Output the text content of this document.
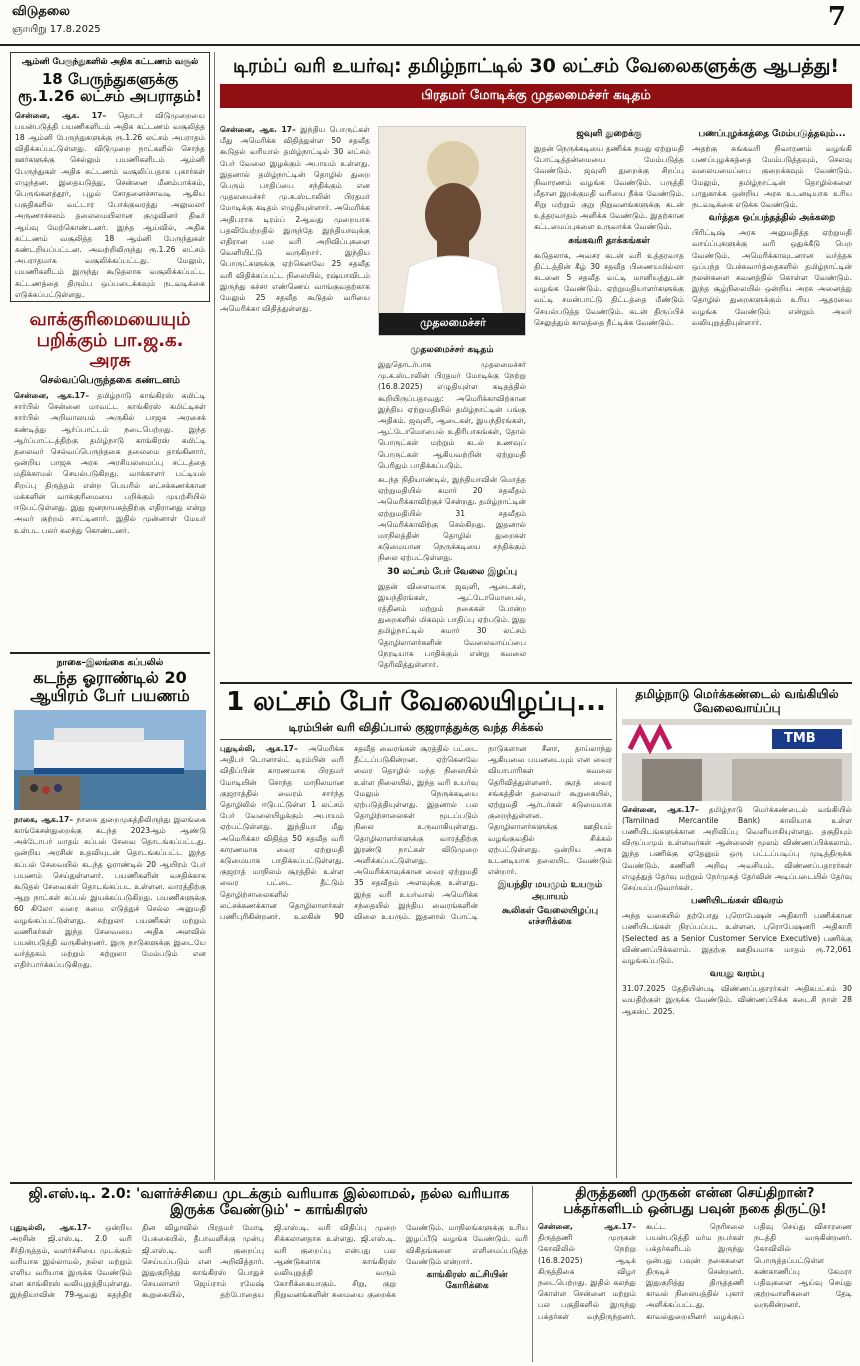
விடுதலை
ஞாயிறு 17.8.2025	7
ஆம்னி பேருந்துகளில் அதிக கட்டணம் வசூல்
18 பேருந்துகளுக்கு ரூ.1.26 லட்சம் அபராதம்!
சென்னை, ஆக. 17– தொடர் விடுமுறையை பயன்படுத்தி பயணிகளிடம் அதிக கட்டணம் வசூலித்த 18 ஆம்னி பேருந்துகளுக்கு ரூ.1.26 லட்சம் அபராதம் விதிக்கப்பட்டுள்ளது. விடுமுறை நாட்களில் சொந்த ஊர்களுக்கு செல்லும் பயணிகளிடம் ஆம்னி பேருந்துகள் அதிக கட்டணம் வசூலிப்பதாக புகார்கள் எழுந்தன. இதையடுத்து, சென்னை மீனம்பாக்கம், பெருங்களத்தூர், புழல் சோதனைச்சாவடி ஆகிய பகுதிகளில் வட்டார போக்குவரத்து அலுவலர் அருணாச்சலம் தலைமையிலான குழுவினர் திடீர் ஆய்வு மேற்கொண்டனர். இந்த ஆய்வில், அதிக கட்டணம் வசூலித்த 18 ஆம்னி பேருந்துகள் கண்டறியப்பட்டன. அவற்றிலிருந்து ரூ.1.26 லட்சம் அபராதமாக வசூலிக்கப்பட்டது. மேலும், பயணிகளிடம் இருந்து கூடுதலாக வசூலிக்கப்பட்ட கட்டணத்தை திரும்ப ஒப்படைக்கவும் நடவடிக்கை எடுக்கப்பட்டுள்ளது.
வாக்குரிமையையும் பறிக்கும் பா.ஜ.க. அரசு
செல்வப்பெருந்தகை கண்டனம்
சென்னை, ஆக.17– தமிழ்நாடு காங்கிரஸ் கமிட்டி சார்பில் சென்னை மாவட்ட காங்கிரஸ் கமிட்டிகள் சார்பில் அறிவாலயம் அருகில் பாஜக அரசைக் கண்டித்து ஆர்ப்பாட்டம் நடைபெற்றது. இந்த ஆர்ப்பாட்டத்திற்கு தமிழ்நாடு காங்கிரஸ் கமிட்டி தலைவர் செல்வப்பெருந்தகை தலைமை தாங்கினார். ஒன்றிய பாஜக அரசு அரசியலமைப்பு சட்டத்தை மதிக்காமல் செயல்படுகிறது. வாக்காளர் பட்டியல் சிறப்பு திருத்தம் என்ற பெயரில் லட்சக்கணக்கான மக்களின் வாக்குரிமையை பறிக்கும் முயற்சியில் ஈடுபட்டுள்ளது. இது ஜனநாயகத்திற்கு எதிரானது என்று அவர் குற்றம் சாட்டினார். இதில் முன்னாள் மேயர் உள்பட பலர் கலந்து கொண்டனர்.
நாகை–இலங்கை கப்பலில்
கடந்த ஓராண்டில் 20 ஆயிரம் பேர் பயணம்
நாகை, ஆக.17– நாகை துறைமுகத்திலிருந்து இலங்கை காங்கேசன்துறைக்கு கடந்த 2023ஆம் ஆண்டு அக்டோபர் மாதம் கப்பல் சேவை தொடங்கப்பட்டது. ஒன்றிய அரசின் உதவியுடன் தொடங்கப்பட்ட இந்த கப்பல் சேவையில் கடந்த ஓராண்டில் 20 ஆயிரம் பேர் பயணம் செய்துள்ளனர். பயணிகளின் வசதிக்காக கூடுதல் சேவைகள் தொடங்கப்பட உள்ளன. வாரத்திற்கு ஆறு நாட்கள் கப்பல் இயக்கப்படுகிறது. பயணிகளுக்கு 60 கிலோ வரை சுமை எடுத்துச் செல்ல அனுமதி வழங்கப்பட்டுள்ளது. சுற்றுலா பயணிகள் மற்றும் வணிகர்கள் இந்த சேவையை அதிக அளவில் பயன்படுத்தி வருகின்றனர். இரு நாடுகளுக்கு இடையே வர்த்தகம் மற்றும் சுற்றுலா மேம்படும் என எதிர்பார்க்கப்படுகிறது.
டிரம்ப் வரி உயர்வு: தமிழ்நாட்டில் 30 லட்சம் வேலைகளுக்கு ஆபத்து!
பிரதமர் மோடிக்கு முதலமைச்சர் கடிதம்
சென்னை, ஆக. 17– இந்திய பொருட்கள் மீது அமெரிக்க விதித்துள்ள 50 சதவீத கூடுதல் வரியால் தமிழ்நாட்டில் 30 லட்சம் பேர் வேலை இழக்கும் அபாயம் உள்ளது. இதனால் தமிழ்நாட்டின் தொழில் துறை பெரும் பாதிப்பை சந்திக்கும் என முதலமைச்சர் மு.க.ஸ்டாலின் பிரதமர் மோடிக்கு கடிதம் எழுதியுள்ளார். அமெரிக்க அதிபராக டிரம்ப் 2ஆவது முறையாக பதவியேற்றதில் இருந்தே இந்தியாவுக்கு எதிரான பல வரி அறிவிப்புகளை வெளியிட்டு வருகிறார். இந்திய பொருட்களுக்கு ஏற்கெனவே 25 சதவீத வரி விதிக்கப்பட்ட நிலையில், ரஷ்யாவிடம் இருந்து கச்சா எண்ணெய் வாங்குவதற்காக மேலும் 25 சதவீத கூடுதல் வரியை அமெரிக்கா விதித்துள்ளது.
முதலமைச்சர்
முதலமைச்சர் கடிதம்
இதுதொடர்பாக முதலமைச்சர் மு.க.ஸ்டாலின் பிரதமர் மோடிக்கு நேற்று (16.8.2025) எழுதியுள்ள கடிதத்தில் கூறியிருப்பதாவது: அமெரிக்காவிற்கான இந்திய ஏற்றுமதியில் தமிழ்நாட்டின் பங்கு அதிகம். ஜவுளி, ஆடைகள், இயந்திரங்கள், ஆட்டோமொபைல் உதிரிபாகங்கள், தோல் பொருட்கள் மற்றும் கடல் உணவுப் பொருட்கள் ஆகியவற்றின் ஏற்றுமதி பெரிதும் பாதிக்கப்படும்.
கடந்த நிதியாண்டில், இந்தியாவின் மொத்த ஏற்றுமதியில் சுமார் 20 சதவீதம் அமெரிக்காவிற்குச் சென்றது. தமிழ்நாட்டின் ஏற்றுமதியில் 31 சதவீதம் அமெரிக்காவிற்கு செல்கிறது. இதனால் மாநிலத்தின் தொழில் துறைகள் கடுமையான நெருக்கடியை சந்திக்கும் நிலை ஏற்பட்டுள்ளது.
30 லட்சம் பேர் வேலை இழப்பு
இதன் விளைவாக ஜவுளி, ஆடைகள், இயந்திரங்கள், ஆட்டோமொபைல், ரத்தினம் மற்றும் நகைகள் போன்ற துறைகளில் மிகவும் பாதிப்பு ஏற்படும். இது தமிழ்நாட்டில் சுமார் 30 லட்சம் தொழிலாளர்களின் வேலைவாய்ப்பை நேரடியாக பாதிக்கும் என்று கவலை தெரிவித்துள்ளார்.
ஜவுளி துறைக்கு
இதன் நெருக்கடியை தணிக்க நமது ஏற்றுமதி போட்டித்தன்மையை மேம்படுத்த வேண்டும். ஜவுளி துறைக்கு சிறப்பு நிவாரணம் வழங்க வேண்டும். பருத்தி மீதான இறக்குமதி வரியை நீக்க வேண்டும். சிறு மற்றும் குறு நிறுவனங்களுக்கு கடன் உத்தரவாதம் அளிக்க வேண்டும். இதற்கான கட்டமைப்புகளை உருவாக்க வேண்டும்.
சுங்கவரி தாக்கங்கள்
கூடுதலாக, அவசர கடன் வரி உத்தரவாத திட்டத்தின் கீழ் 30 சதவீத பிணையமில்லா கடனை 5 சதவீத வட்டி மானியத்துடன் வழங்க வேண்டும். ஏற்றுமதியாளர்களுக்கு வட்டி சமன்பாட்டு திட்டத்தை மீண்டும் செயல்படுத்த வேண்டும். கடன் திருப்பிச் செலுத்தும் காலத்தை நீட்டிக்க வேண்டும்.
பணப்புழக்கத்தை மேம்படுத்தவும்...
அதற்கு சுங்கவரி நிவாரணம் வழங்கி பணப்புழக்கத்தை மேம்படுத்தவும், செலவு வலையமைப்பை குறைக்கவும் வேண்டும். மேலும், தமிழ்நாட்டின் தொழில்களை பாதுகாக்க ஒன்றிய அரசு உடனடியாக உரிய நடவடிக்கை எடுக்க வேண்டும்.
வர்த்தக ஒப்பந்தத்தில் அக்கறை
பிரிட்டிஷ் அரசு அனுமதித்த ஏற்றுமதி வாய்ப்புகளுக்கு வரி ஒதுக்கீடு பெற வேண்டும். அமெரிக்காவுடனான வர்த்தக ஒப்பந்த பேச்சுவார்த்தைகளில் தமிழ்நாட்டின் நலன்களை கவனத்தில் கொள்ள வேண்டும். இந்த சூழ்நிலையில் ஒன்றிய அரசு அனைத்து தொழில் துறைகளுக்கும் உரிய ஆதரவை வழங்க வேண்டும் என்றும் அவர் வலியுறுத்தியுள்ளார்.
1 லட்சம் பேர் வேலையிழப்பு...
டிரம்பின் வரி விதிப்பால் குஜராத்துக்கு வந்த சிக்கல்
புதுடில்லி, ஆக.17– அமெரிக்க அதிபர் டொனால்ட் டிரம்பின் வரி விதிப்பின் காரணமாக பிரதமர் மோடியின் சொந்த மாநிலமான குஜராத்தில் வைரம் சார்ந்த தொழிலில் ஈடுபட்டுள்ள 1 லட்சம் பேர் வேலையிழக்கும் அபாயம் ஏற்பட்டுள்ளது. இந்தியா மீது அமெரிக்கா விதித்த 50 சதவீத வரி காரணமாக வைர ஏற்றுமதி கடுமையாக பாதிக்கப்பட்டுள்ளது. குஜராத் மாநிலம் சூரத்தில் உள்ள வைர பட்டை தீட்டும் தொழிற்சாலைகளில் லட்சக்கணக்கான தொழிலாளர்கள் பணிபுரிகின்றனர். உலகின் 90 சதவீத வைரங்கள் சூரத்தில் பட்டை தீட்டப்படுகின்றன. ஏற்கெனவே வைர தொழில் மந்த நிலையில் உள்ள நிலையில், இந்த வரி உயர்வு மேலும் நெருக்கடியை ஏற்படுத்தியுள்ளது. இதனால் பல தொழிற்சாலைகள் மூடப்படும் நிலை உருவாகியுள்ளது. தொழிலாளர்களுக்கு வாரத்திற்கு இரண்டு நாட்கள் விடுமுறை அளிக்கப்பட்டுள்ளது. அமெரிக்காவுக்கான வைர ஏற்றுமதி 35 சதவீதம் அளவுக்கு உள்ளது. இந்த வரி உயர்வால் அமெரிக்க சந்தையில் இந்திய வைரங்களின் விலை உயரும். இதனால் போட்டி நாடுகளான சீனா, தாய்லாந்து ஆகியவை பயனடையும் என வைர வியாபாரிகள் கவலை தெரிவித்துள்ளனர். சூரத் வைர சங்கத்தின் தலைவர் கூறுகையில், ஏற்றுமதி ஆர்டர்கள் கடுமையாக குறைந்துள்ளன. தொழிலாளர்களுக்கு ஊதியம் வழங்குவதில் சிக்கல் ஏற்பட்டுள்ளது. ஒன்றிய அரசு உடனடியாக தலையிட வேண்டும் என்றார்.
இயந்திர மயமும் உயரும் அபாயம்
கூலிகள் வேலையிழப்பு எச்சரிக்கை
தமிழ்நாடு மெர்க்கண்டைல் வங்கியில் வேலைவாய்ப்பு
TMB
சென்னை, ஆக.17– தமிழ்நாடு மெர்க்கண்டைல் வங்கியில் (Tamilnad Mercantile Bank) காலியாக உள்ள பணியிடங்களுக்கான அறிவிப்பு வெளியாகியுள்ளது. தகுதியும் விருப்பமும் உள்ளவர்கள் ஆன்லைன் மூலம் விண்ணப்பிக்கலாம். இந்த பணிக்கு ஏதேனும் ஒரு பட்டப்படிப்பு முடித்திருக்க வேண்டும். கணினி அறிவு அவசியம். விண்ணப்பதாரர்கள் எழுத்துத் தேர்வு மற்றும் நேர்முகத் தேர்வின் அடிப்படையில் தேர்வு செய்யப்படுவார்கள்.
பணியிடங்கள் விவரம்
அந்த வகையில் தற்போது புரொபேஷன் அதிகாரி பணிக்கான பணியிடங்கள் நிரப்பப்பட உள்ளன. புரொபேஷனரி அதிகாரி (Selected as a Senior Customer Service Executive) பணிக்கு விண்ணப்பிக்கலாம். இதற்கு ஊதியமாக மாதம் ரூ.72,061 வழங்கப்படும்.
வயது வரம்பு
31.07.2025 தேதியின்படி விண்ணப்பதாரர்கள் அதிகபட்சம் 30 வயதிற்குள் இருக்க வேண்டும். விண்ணப்பிக்க கடைசி நாள் 28 ஆகஸ்ட் 2025.
ஜி.எஸ்.டி. 2.0: 'வளர்ச்சியை முடக்கும் வரியாக இல்லாமல், நல்ல வரியாக இருக்க வேண்டும்' – காங்கிரஸ்
புதுடில்லி, ஆக.17– ஒன்றிய அரசின் ஜி.எஸ்.டி. 2.0 வரி சீர்திருத்தம், வளர்ச்சியை முடக்கும் வரியாக இல்லாமல், நல்ல மற்றும் எளிய வரியாக இருக்க வேண்டும் என காங்கிரஸ் வலியுறுத்தியுள்ளது. இந்தியாவின் 79ஆவது சுதந்திர தின விழாவில் பிரதமர் மோடி பேசுகையில், தீபாவளிக்கு முன்பு ஜி.எஸ்.டி. வரி குறைப்பு செய்யப்படும் என அறிவித்தார். இதுகுறித்து காங்கிரஸ் பொதுச் செயலாளர் ஜெய்ராம் ரமேஷ் கூறுகையில், தற்போதைய ஜி.எஸ்.டி. வரி விதிப்பு முறை சிக்கலானதாக உள்ளது. ஜி.எஸ்.டி. வரி குறைப்பு என்பது பல ஆண்டுகளாக காங்கிரஸ் வலியுறுத்தி வரும் கோரிக்கையாகும். சிறு, குறு நிறுவனங்களின் சுமையை குறைக்க வேண்டும். மாநிலங்களுக்கு உரிய இழப்பீடு வழங்க வேண்டும். வரி விகிதங்களை எளிமைப்படுத்த வேண்டும் என்றார்.
காங்கிரஸ் கட்சியின் கோரிக்கை
திருத்தணி முருகன் என்ன செய்திறான்? பக்தர்களிடம் ஒன்பது பவுன் நகை திருட்டு!
சென்னை, ஆக.17– திருத்தணி முருகன் கோவிலில் நேற்று (16.8.2025) ஆடிக் கிருத்திகை விழா நடைபெற்றது. இதில் கலந்து கொள்ள சென்னை மற்றும் பல பகுதிகளில் இருந்து பக்தர்கள் வந்திருந்தனர். கூட்ட நெரிசலை பயன்படுத்தி மர்ம நபர்கள் பக்தர்களிடம் இருந்து ஒன்பது பவுன் நகைகளை திருடிச் சென்றனர். இதுகுறித்து திருத்தணி காவல் நிலையத்தில் புகார் அளிக்கப்பட்டது. காவல்துறையினர் வழக்குப் பதிவு செய்து விசாரணை நடத்தி வருகின்றனர். கோவிலில் பொருத்தப்பட்டுள்ள கண்காணிப்பு கேமரா பதிவுகளை ஆய்வு செய்து குற்றவாளிகளை தேடி வருகின்றனர்.
